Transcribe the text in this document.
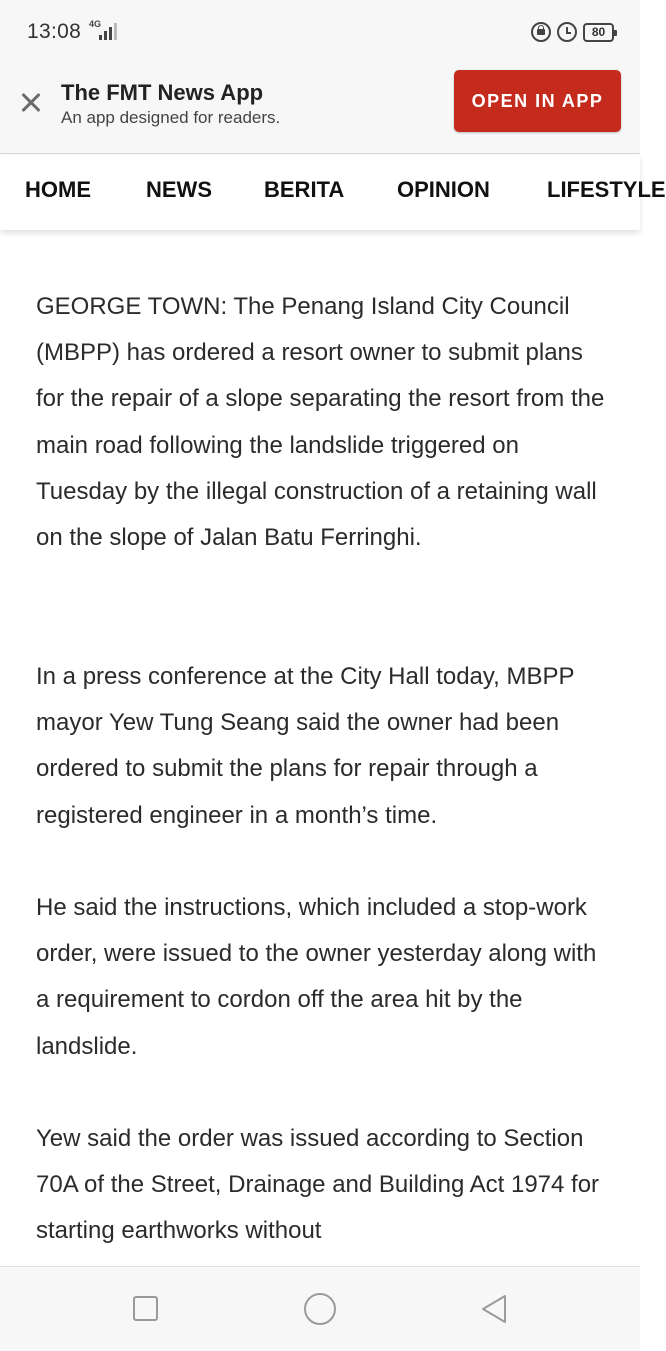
13:08 4G
80
The FMT News App
An app designed for readers.
OPEN IN APP
HOME	NEWS BERITA OPINION	LIFESTYLE
GEORGE TOWN: The Penang Island City Council (MBPP) has ordered a resort owner to submit plans for the repair of a slope separating the resort from the main road following the landslide triggered on Tuesday by the illegal construction of a retaining wall on the slope of Jalan Batu Ferringhi.
In a press conference at the City Hall today, MBPP mayor Yew Tung Seang said the owner had been ordered to submit the plans for repair through a registered engineer in a month’s time.
He said the instructions, which included a stop-work order, were issued to the owner yesterday along with a requirement to cordon off the area hit by the landslide.
Yew said the order was issued according to Section 70A of the Street, Drainage and Building Act 1974 for starting earthworks without
